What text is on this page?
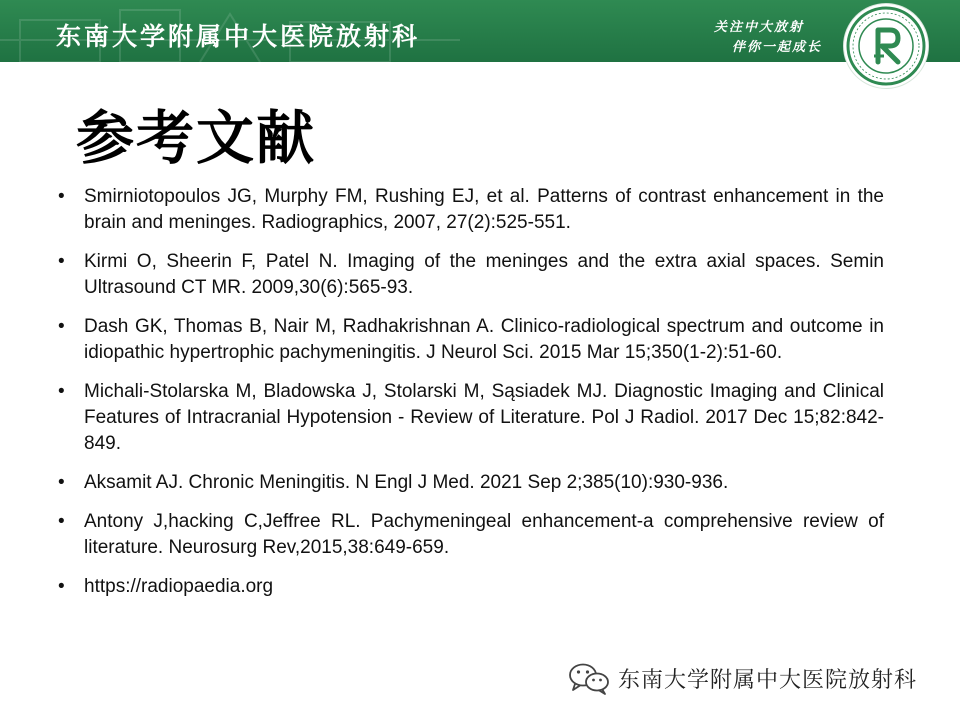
东南大学附属中大医院放射科	关注中大放射
伴你一起成长
参考文献
• Smirniotopoulos JG, Murphy FM, Rushing EJ, et al. Patterns of contrast enhancement in the brain and meninges. Radiographics, 2007, 27(2):525-551.
• Kirmi O, Sheerin F, Patel N. Imaging of the meninges and the extra axial spaces. Semin Ultrasound CT MR. 2009,30(6):565-93.
• Dash GK, Thomas B, Nair M, Radhakrishnan A. Clinico-radiological spectrum and outcome in idiopathic hypertrophic pachymeningitis. J Neurol Sci. 2015 Mar 15;350(1-2):51-60.
• Michali-Stolarska M, Bladowska J, Stolarski M, Sąsiadek MJ. Diagnostic Imaging and Clinical Features of Intracranial Hypotension - Review of Literature. Pol J Radiol. 2017 Dec 15;82:842-849.
• Aksamit AJ. Chronic Meningitis. N Engl J Med. 2021 Sep 2;385(10):930-936.
• Antony J,hacking C,Jeffree RL. Pachymeningeal enhancement-a comprehensive review of literature. Neurosurg Rev,2015,38:649-659.
• https://radiopaedia.org
东南大学附属中大医院放射科
